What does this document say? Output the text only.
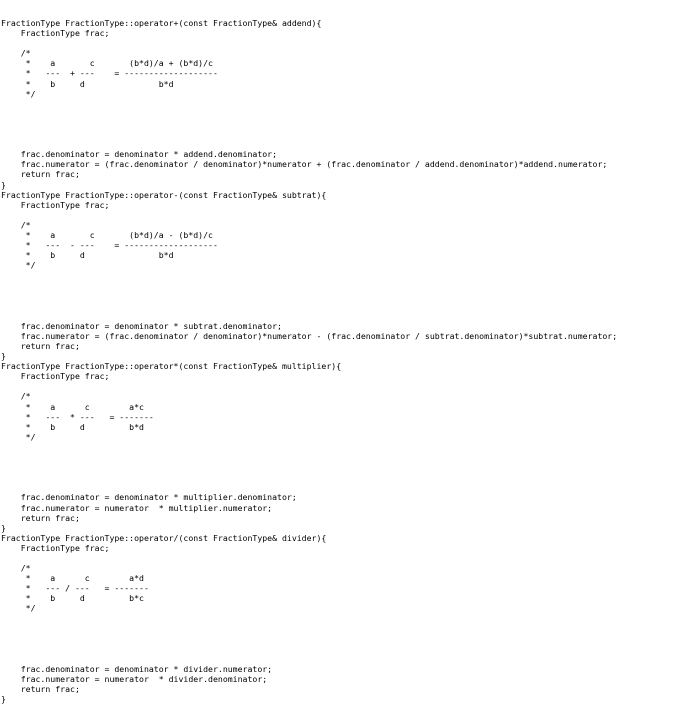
FractionType FractionType::operator+(const FractionType& addend){
FractionType frac;
/*
*    a       c       (b*d)/a + (b*d)/c
*   ---  + ---    = -------------------
*    b     d               b*d
*/
frac.denominator = denominator * addend.denominator;
frac.numerator = (frac.denominator / denominator)*numerator + (frac.denominator / addend.denominator)*addend.numerator;
return frac;
}
FractionType FractionType::operator-(const FractionType& subtrat){
FractionType frac;
/*
*    a       c       (b*d)/a - (b*d)/c
*   ---  - ---    = -------------------
*    b     d               b*d
*/
frac.denominator = denominator * subtrat.denominator;
frac.numerator = (frac.denominator / denominator)*numerator - (frac.denominator / subtrat.denominator)*subtrat.numerator;
return frac;
}
FractionType FractionType::operator*(const FractionType& multiplier){
FractionType frac;
/*
*    a      c        a*c
*   ---  * ---   = -------
*    b     d         b*d
*/
frac.denominator = denominator * multiplier.denominator;
frac.numerator = numerator  * multiplier.numerator;
return frac;
}
FractionType FractionType::operator/(const FractionType& divider){
FractionType frac;
/*
*    a      c        a*d
*   --- / ---   = -------
*    b     d         b*c
*/
frac.denominator = denominator * divider.numerator;
frac.numerator = numerator  * divider.denominator;
return frac;
}
